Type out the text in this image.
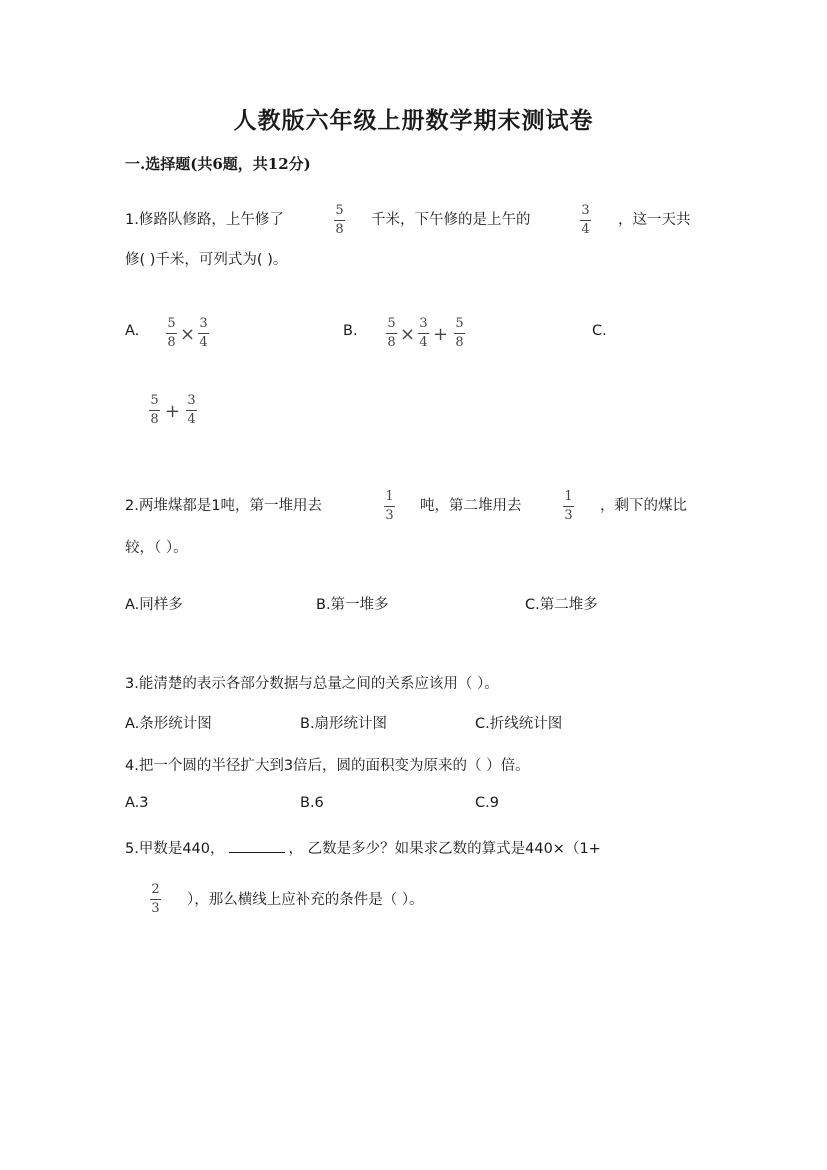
人教版六年级上册数学期末测试卷
一.选择题(共6题，共12分)
1.修路队修路，上午修了
5
8
千米，下午修的是上午的
3
4
，这一天共
修( )千米，可列式为( )。
A. 5
8 ×
3
4
B. 5
8 ×
3
4 +
5
8
C.
5
8 +
3
4
2.两堆煤都是1吨，第一堆用去
1
3
吨，第二堆用去
1
3
，剩下的煤比
较，（ ）。
A.同样多	B.第一堆多	C.第二堆多
3.能清楚的表示各部分数据与总量之间的关系应该用（ ）。
A.条形统计图	B.扇形统计图	C.折线统计图
4.把一个圆的半径扩大到3倍后，圆的面积变为原来的（ ）倍。
A.3	B.6	C.9
5.甲数是440，	， 乙数是多少？如果求乙数的算式是440×（1+
2
3
），那么横线上应补充的条件是（ ）。
